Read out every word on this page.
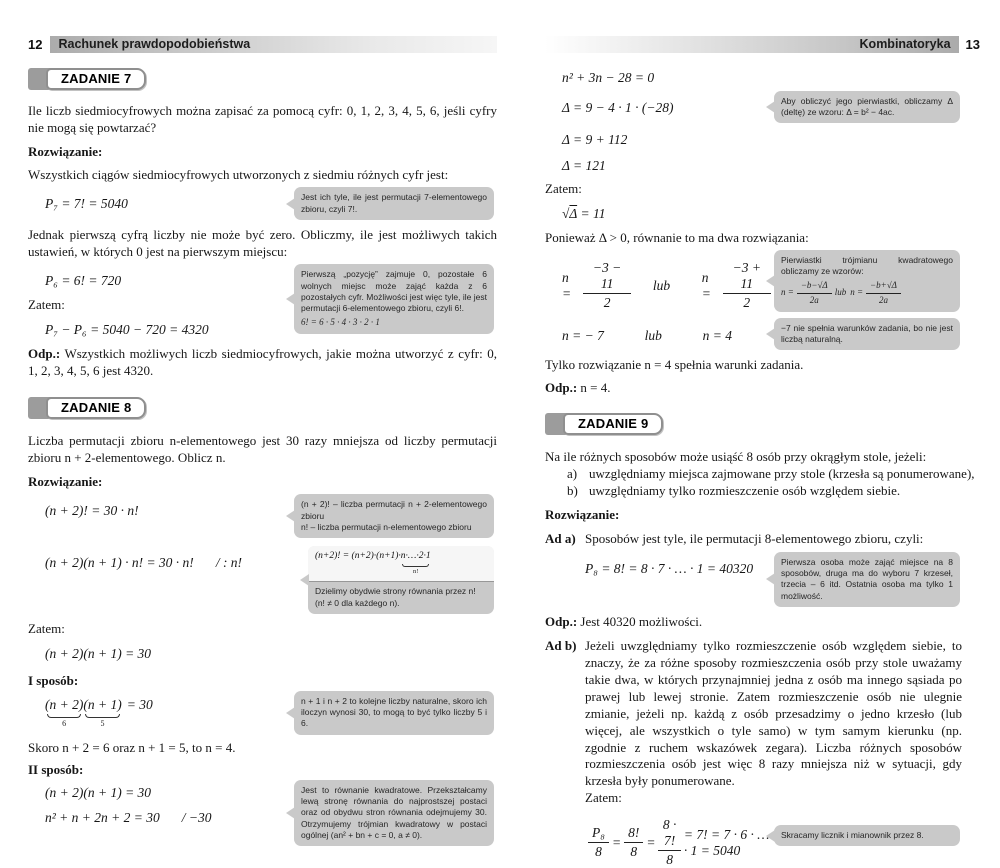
12	Rachunek prawdopodobieństwa
ZADANIE 7
Ile liczb siedmiocyfrowych można zapisać za pomocą cyfr: 0, 1, 2, 3, 4, 5, 6, jeśli cyfry nie mogą się powtarzać?
Rozwiązanie:
Wszystkich ciągów siedmiocyfrowych utworzonych z siedmiu różnych cyfr jest:
P₇ = 7! = 5040	Jest ich tyle, ile jest permutacji 7-elementowego zbioru, czyli 7!.
Jednak pierwszą cyfrą liczby nie może być zero. Obliczmy, ile jest możliwych takich ustawień, w których 0 jest na pierwszym miejscu:
P₆ = 6! = 720
Zatem:
P₇ − P₆ = 5040 − 720 = 4320
Pierwszą „pozycję” zajmuje 0, pozostałe 6 wolnych miejsc może zająć każda z 6 pozostałych cyfr. Możliwości jest więc tyle, ile jest permutacji 6-elementowego zbioru, czyli 6!.
6! = 6 · 5 · 4 · 3 · 2 · 1
Odp.: Wszystkich możliwych liczb siedmiocyfrowych, jakie można utworzyć z cyfr: 0, 1, 2, 3, 4, 5, 6 jest 4320.
ZADANIE 8
Liczba permutacji zbioru n-elementowego jest 30 razy mniejsza od liczby permutacji zbioru n + 2-elementowego. Oblicz n.
Rozwiązanie:
(n + 2)! = 30 · n!	(n + 2)! – liczba permutacji n + 2-elementowego zbioru
n! – liczba permutacji n-elementowego zbioru
(n + 2)(n + 1) · n! = 30 · n! / : n!	(n+2)! = (n+2)·(n+1)· n·…·2·1
n!
Dzielimy obydwie strony równania przez n!
(n! ≠ 0 dla każdego n).
Zatem:
(n + 2)(n + 1) = 30
I sposób:
(n + 2)
6
(n + 1)
5
= 30	n + 1 i n + 2 to kolejne liczby naturalne, skoro ich iloczyn wynosi 30, to mogą to być tylko liczby 5 i 6.
Skoro n + 2 = 6 oraz n + 1 = 5, to n = 4.
II sposób:
(n + 2)(n + 1) = 30
n² + n + 2n + 2 = 30 / −30
Jest to równanie kwadratowe. Przekształcamy lewą stronę równania do najprostszej postaci oraz od obydwu stron równania odejmujemy 30. Otrzymujemy trójmian kwadratowy w postaci ogólnej (an² + bn + c = 0, a ≠ 0).
Kombinatoryka	13
n² + 3n − 28 = 0
Δ = 9 − 4 · 1 · (−28)	Aby obliczyć jego pierwiastki, obliczamy Δ (deltę) ze wzoru: Δ = b² − 4ac.
Δ = 9 + 112
Δ = 121
Zatem:
√Δ = 11
Ponieważ Δ > 0, równanie to ma dwa rozwiązania:
$n = \frac{-3 - 11}{2}$ lub
$n = \frac{-3 + 11}{2}$
n = − 7	lub	n = 4
Pierwiastki trójmianu kwadratowego obliczamy ze wzorów:
$n = \frac{-b-√\Delta}{2a}$ lub $n = \frac{-b+√\Delta}{2a}$
−7 nie spełnia warunków zadania, bo nie jest liczbą naturalną.
Tylko rozwiązanie n = 4 spełnia warunki zadania.
Odp.: n = 4.
ZADANIE 9
Na ile różnych sposobów może usiąść 8 osób przy okrągłym stole, jeżeli:
a) uwzględniamy miejsca zajmowane przy stole (krzesła są ponumerowane),
b) uwzględniamy tylko rozmieszczenie osób względem siebie.
Rozwiązanie:
Ad a) Sposobów jest tyle, ile permutacji 8-elementowego zbioru, czyli:
P₈ = 8! = 8 · 7 · … · 1 = 40320	Pierwsza osoba może zająć miejsce na 8 sposobów, druga ma do wyboru 7 krzeseł, trzecia – 6 itd. Ostatnia osoba ma tylko 1 możliwość.
Odp.: Jest 40320 możliwości.
Ad b) Jeżeli uwzględniamy tylko rozmieszczenie osób względem siebie, to znaczy, że za różne sposoby rozmieszczenia osób przy stole uważamy takie dwa, w których przynajmniej jedna z osób ma innego sąsiada po prawej lub lewej stronie. Zatem rozmieszczenie osób nie ulegnie zmianie, jeżeli np. każdą z osób przesadzimy o jedno krzesło (lub więcej, ale wszystkich o tyle samo) w tym samym kierunku (np. zgodnie z ruchem wskazówek zegara). Liczba różnych sposobów rozmieszczenia osób jest więc 8 razy mniejsza niż w sytuacji, gdy krzesła były ponumerowane.
Zatem:
$\frac{\text{P₈}}{8} = \frac{8!}{8} = \frac{8 \cdot 7!}{8} = 7$! = 7 · 6 · … · 1 = 5040
Skracamy licznik i mianownik przez 8.
